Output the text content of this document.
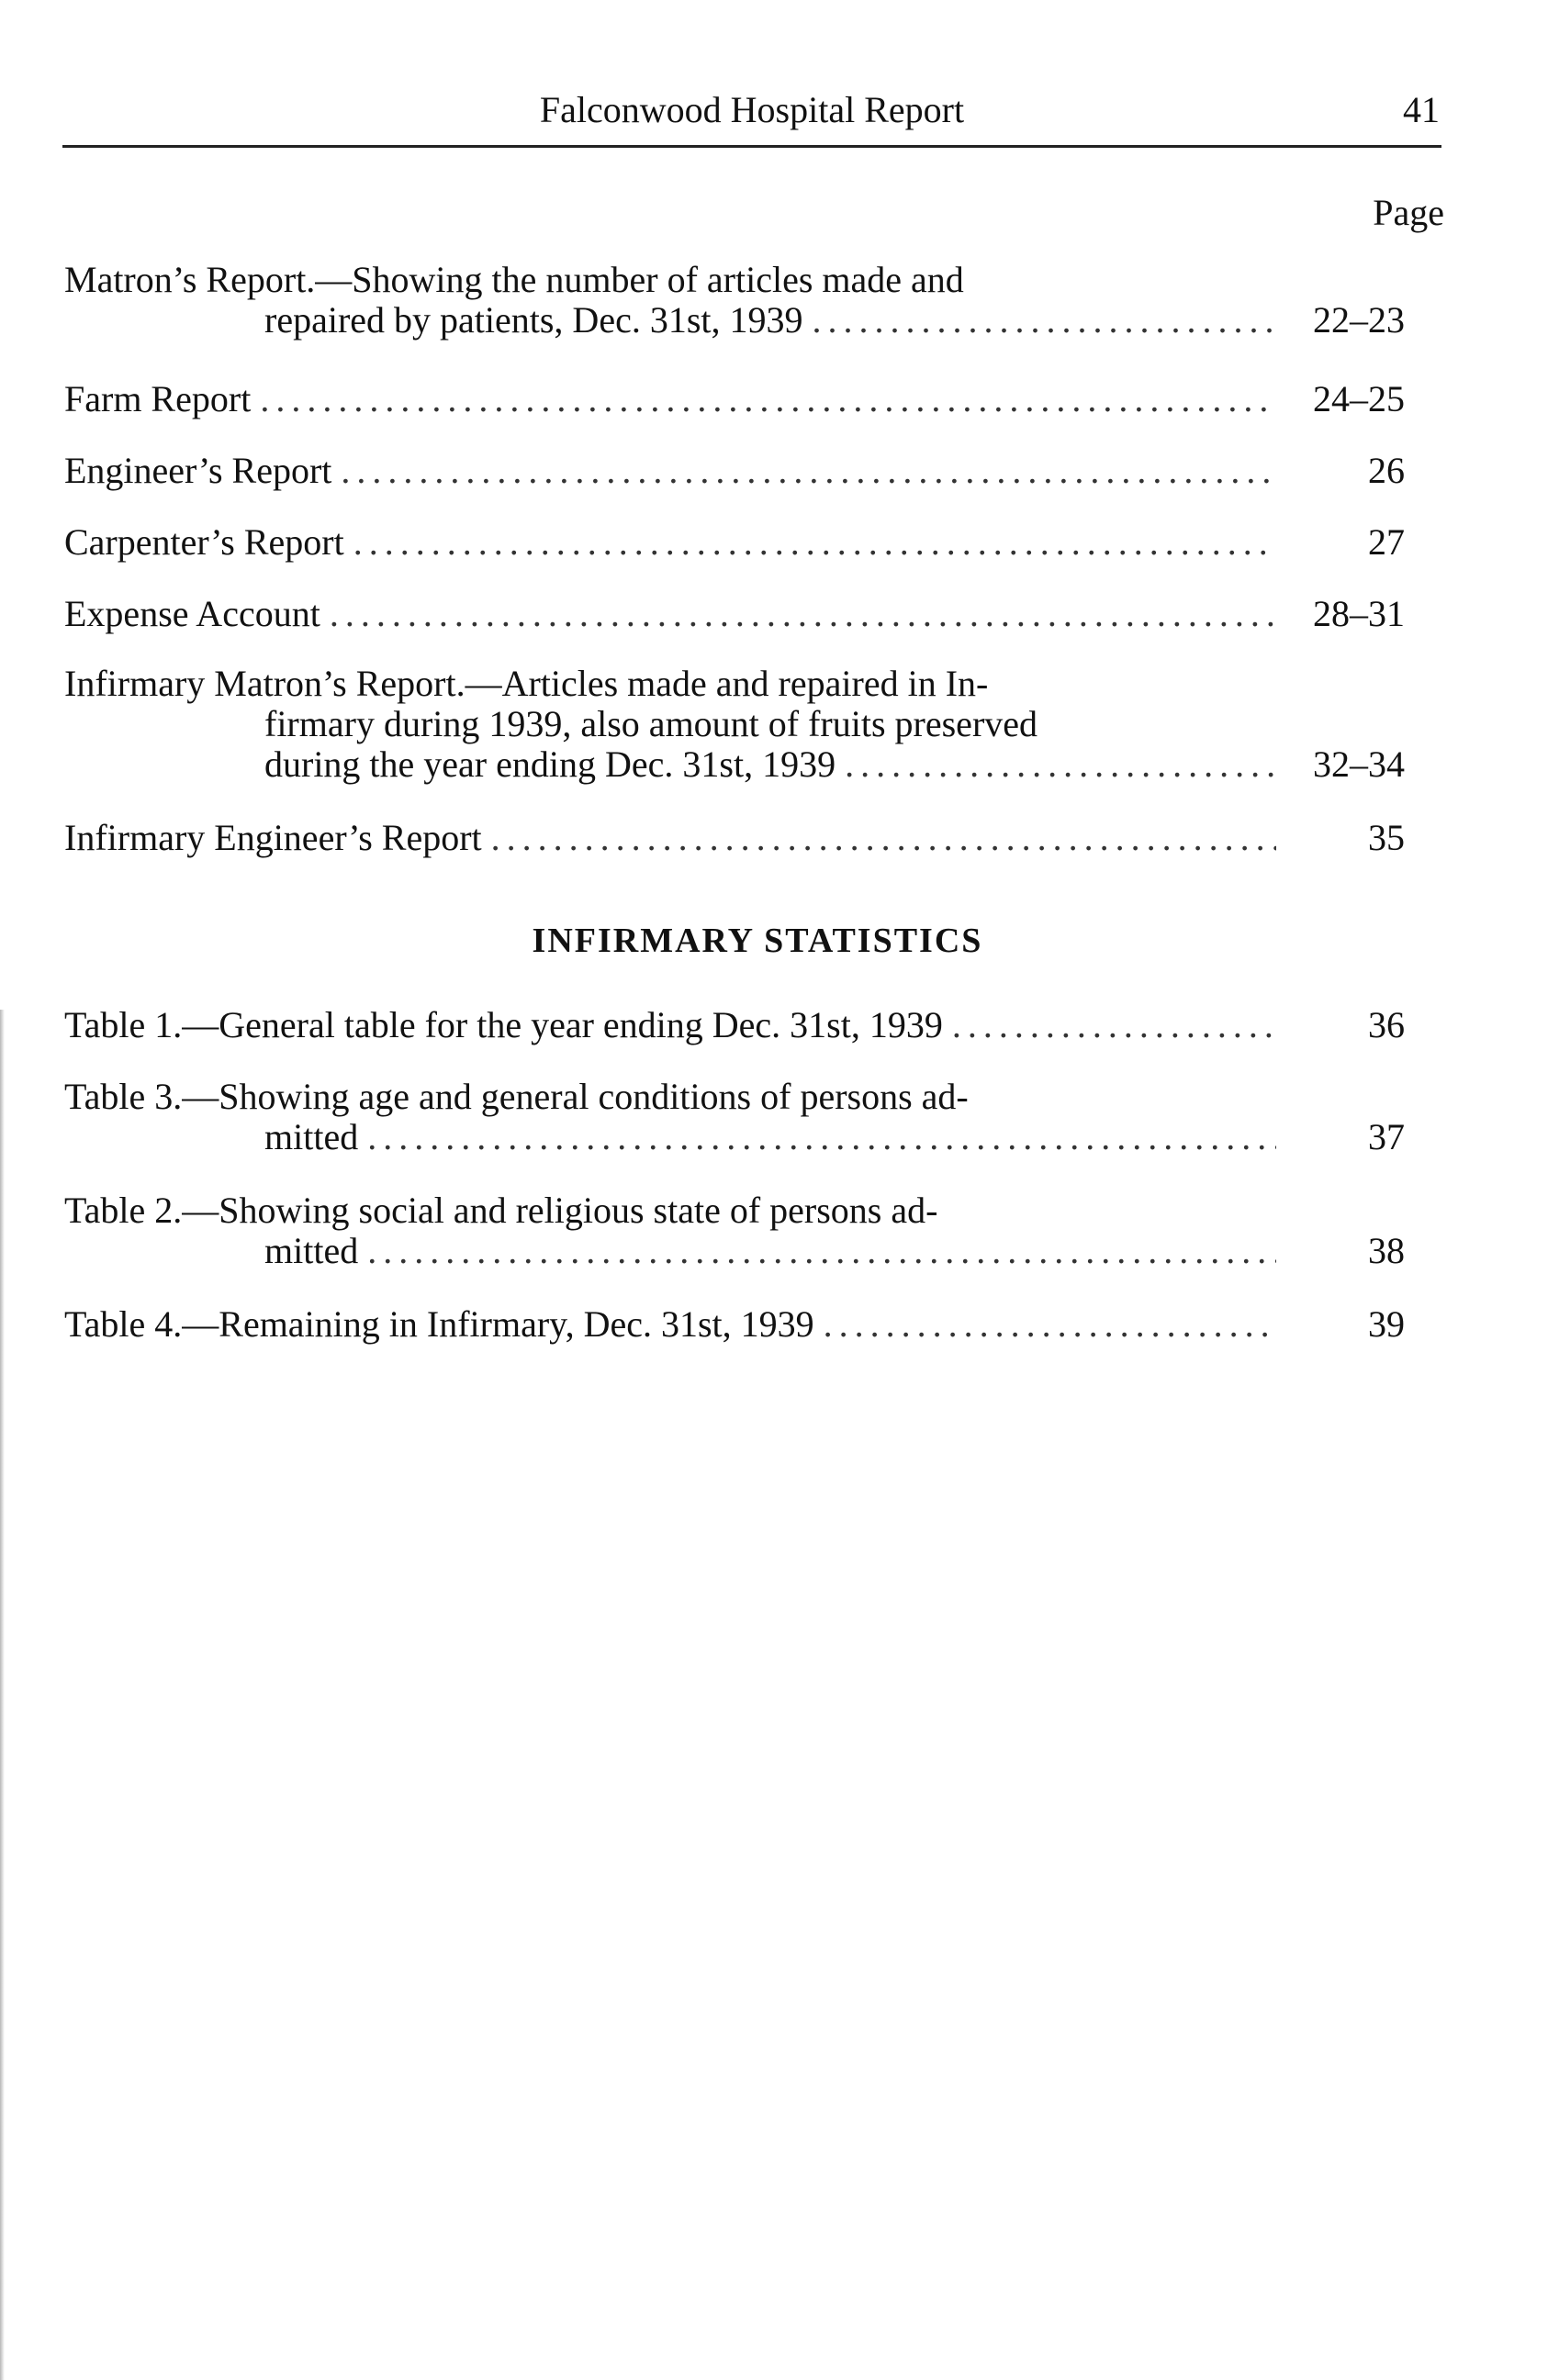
Falconwood Hospital Report	41
Page
Matron’s Report.—Showing the number of articles made and
repaired by patients, Dec. 31st, 1939 .....	22–23
Farm Report .....	24–25
Engineer’s Report .....	26
Carpenter’s Report .....	27
Expense Account .....	28–31
Infirmary Matron’s Report.—Articles made and repaired in In-
firmary during 1939, also amount of fruits preserved
during the year ending Dec. 31st, 1939 .....	32–34
Infirmary Engineer’s Report .....	35
INFIRMARY STATISTICS
Table 1.—General table for the year ending Dec. 31st, 1939 .....	36
Table 3.—Showing age and general conditions of persons ad-
mitted .....	37
Table 2.—Showing social and religious state of persons ad-
mitted .....	38
Table 4.—Remaining in Infirmary, Dec. 31st, 1939 .....	39
